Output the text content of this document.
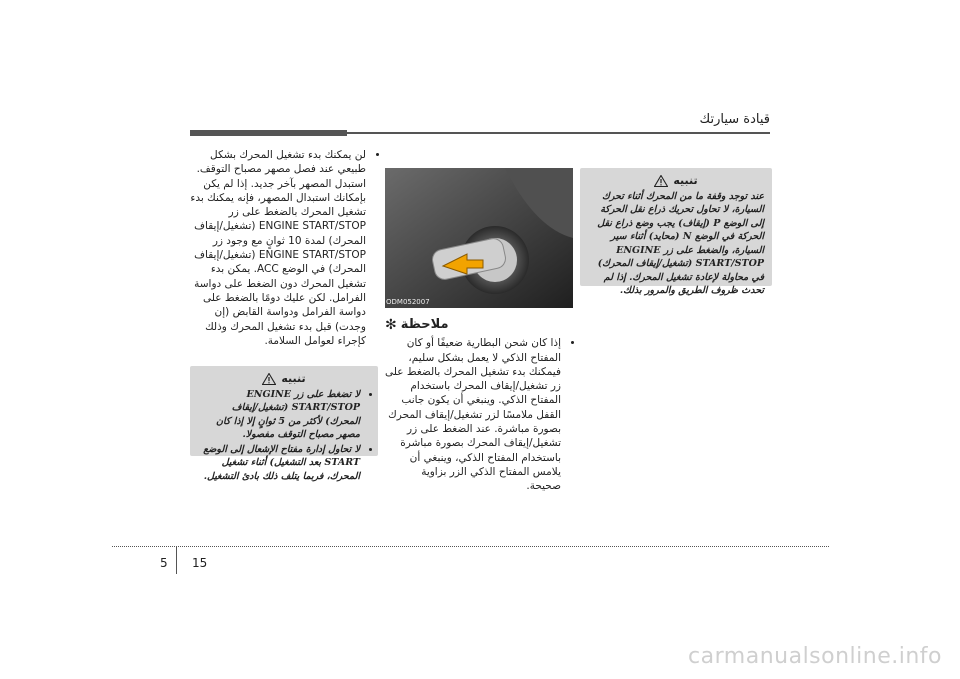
قيادة سيارتك
تنبيه
عند توجد وقفة ما من المحرك أثناء تحرك السيارة، لا تحاول تحريك ذراع نقل الحركة إلى الوضع P (إيقاف) يجب وضع ذراع نقل الحركة في الوضع N (محايد) أثناء سير السيارة، والضغط على زر ENGINE START/STOP (تشغيل/إيقاف المحرك) في محاولة لإعادة تشغيل المحرك. إذا لم تحدث ظروف الطريق والمرور بذلك.
ODM052007
✻ ملاحظة
• إذا كان شحن البطارية ضعيفًا أو كان المفتاح الذكي لا يعمل بشكل سليم، فيمكنك بدء تشغيل المحرك بالضغط على زر تشغيل/إيقاف المحرك باستخدام المفتاح الذكي. وينبغي أن يكون جانب القفل ملامسًا لزر تشغيل/إيقاف المحرك بصورة مباشرة. عند الضغط على زر تشغيل/إيقاف المحرك بصورة مباشرة باستخدام المفتاح الذكي، وينبغي أن يلامس المفتاح الذكي الزر بزاوية صحيحة.
• لن يمكنك بدء تشغيل المحرك بشكل طبيعي عند فصل مصهر مصباح التوقف. استبدل المصهر بآخر جديد. إذا لم يكن بإمكانك استبدال المصهر، فإنه يمكنك بدء تشغيل المحرك بالضغط على زر ENGINE START/STOP (تشغيل/إيقاف المحرك) لمدة 10 ثوانٍ مع وجود زر ENGINE START/STOP (تشغيل/إيقاف المحرك) في الوضع ACC. يمكن بدء تشغيل المحرك دون الضغط على دواسة الفرامل. لكن عليك دومًا بالضغط على دواسة الفرامل ودواسة القابض (إن وجدت) قبل بدء تشغيل المحرك وذلك كإجراء لعوامل السلامة.
تنبيه
• لا تضغط على زر ENGINE START/STOP (تشغيل/إيقاف المحرك) لأكثر من 5 ثوانٍ إلا إذا كان مصهر مصباح التوقف مفصولا.
• لا تحاول إدارة مفتاح الإشعال إلى الوضع START بعد التشغيل) أثناء تشغيل المحرك، فربما يتلف ذلك بادئ التشغيل.
15
5
carmanualsonline.info
